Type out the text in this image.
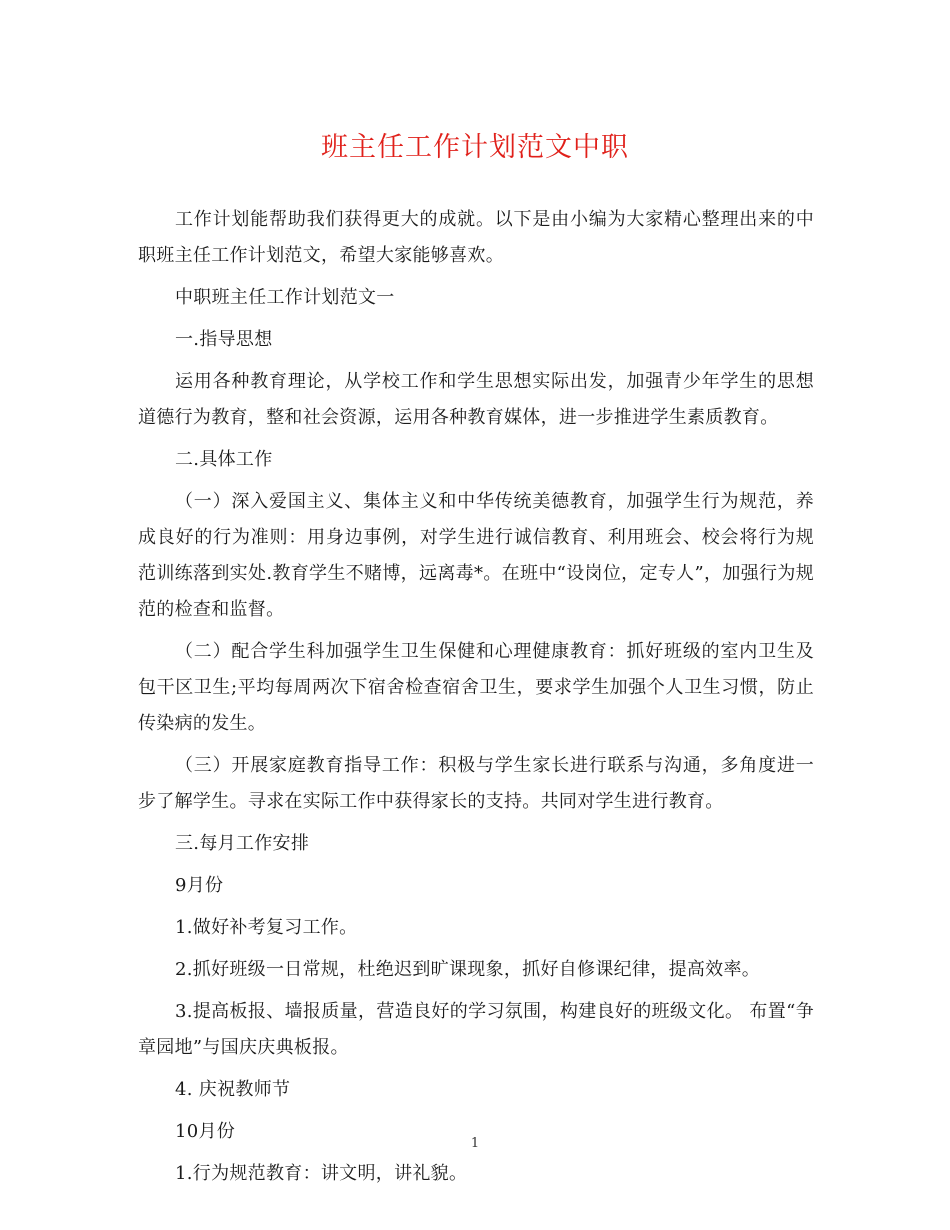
班主任工作计划范文中职

工作计划能帮助我们获得更大的成就。以下是由小编为大家精心整理出来的中职班主任工作计划范文，希望大家能够喜欢。

中职班主任工作计划范文一

一.指导思想

运用各种教育理论，从学校工作和学生思想实际出发，加强青少年学生的思想道德行为教育，整和社会资源，运用各种教育媒体，进一步推进学生素质教育。

二.具体工作

（一）深入爱国主义、集体主义和中华传统美德教育，加强学生行为规范，养成良好的行为准则：用身边事例，对学生进行诚信教育、利用班会、校会将行为规范训练落到实处.教育学生不赌博，远离毒*。在班中“设岗位，定专人”，加强行为规范的检查和监督。

（二）配合学生科加强学生卫生保健和心理健康教育：抓好班级的室内卫生及包干区卫生;平均每周两次下宿舍检查宿舍卫生，要求学生加强个人卫生习惯，防止传染病的发生。

（三）开展家庭教育指导工作：积极与学生家长进行联系与沟通，多角度进一步了解学生。寻求在实际工作中获得家长的支持。共同对学生进行教育。

三.每月工作安排

9月份

1.做好补考复习工作。

2.抓好班级一日常规，杜绝迟到旷课现象，抓好自修课纪律，提高效率。

3.提高板报、墙报质量，营造良好的学习氛围，构建良好的班级文化。 布置“争章园地”与国庆庆典板报。

4. 庆祝教师节

10月份

1.行为规范教育：讲文明，讲礼貌。

1
